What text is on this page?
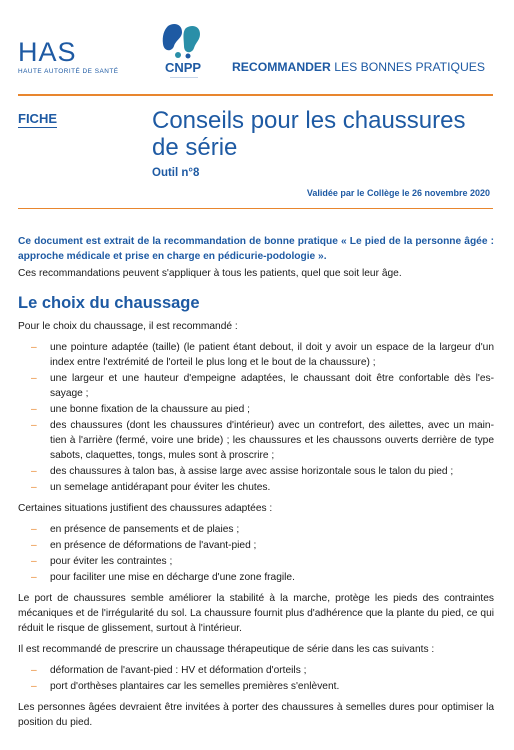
HAS
HAUTE AUTORITÉ DE SANTÉ	CNPP
————————
RECOMMANDER LES BONNES PRATIQUES
FICHE	Conseils pour les chaussures de série
Outil n°8
Validée par le Collège le 26 novembre 2020

Ce document est extrait de la recommandation de bonne pratique « Le pied de la personne âgée : approche médicale et prise en charge en pédicurie-podologie ».

Ces recommandations peuvent s'appliquer à tous les patients, quel que soit leur âge.

Le choix du chaussage

Pour le choix du chaussage, il est recommandé :

– une pointure adaptée (taille) (le patient étant debout, il doit y avoir un espace de la largeur d'un index entre l'extrémité de l'orteil le plus long et le bout de la chaussure) ;
– une largeur et une hauteur d'empeigne adaptées, le chaussant doit être confortable dès l'es-sayage ;
– une bonne fixation de la chaussure au pied ;
– des chaussures (dont les chaussures d'intérieur) avec un contrefort, des ailettes, avec un main-tien à l'arrière (fermé, voire une bride) ; les chaussures et les chaussons ouverts derrière de type sabots, claquettes, tongs, mules sont à proscrire ;
– des chaussures à talon bas, à assise large avec assise horizontale sous le talon du pied ;
– un semelage antidérapant pour éviter les chutes.

Certaines situations justifient des chaussures adaptées :

– en présence de pansements et de plaies ;
– en présence de déformations de l'avant-pied ;
– pour éviter les contraintes ;
– pour faciliter une mise en décharge d'une zone fragile.

Le port de chaussures semble améliorer la stabilité à la marche, protège les pieds des contraintes mécaniques et de l'irrégularité du sol. La chaussure fournit plus d'adhérence que la plante du pied, ce qui réduit le risque de glissement, surtout à l'intérieur.

Il est recommandé de prescrire un chaussage thérapeutique de série dans les cas suivants :

– déformation de l'avant-pied : HV et déformation d'orteils ;
– port d'orthèses plantaires car les semelles premières s'enlèvent.

Les personnes âgées devraient être invitées à porter des chaussures à semelles dures pour optimiser la position du pied.
